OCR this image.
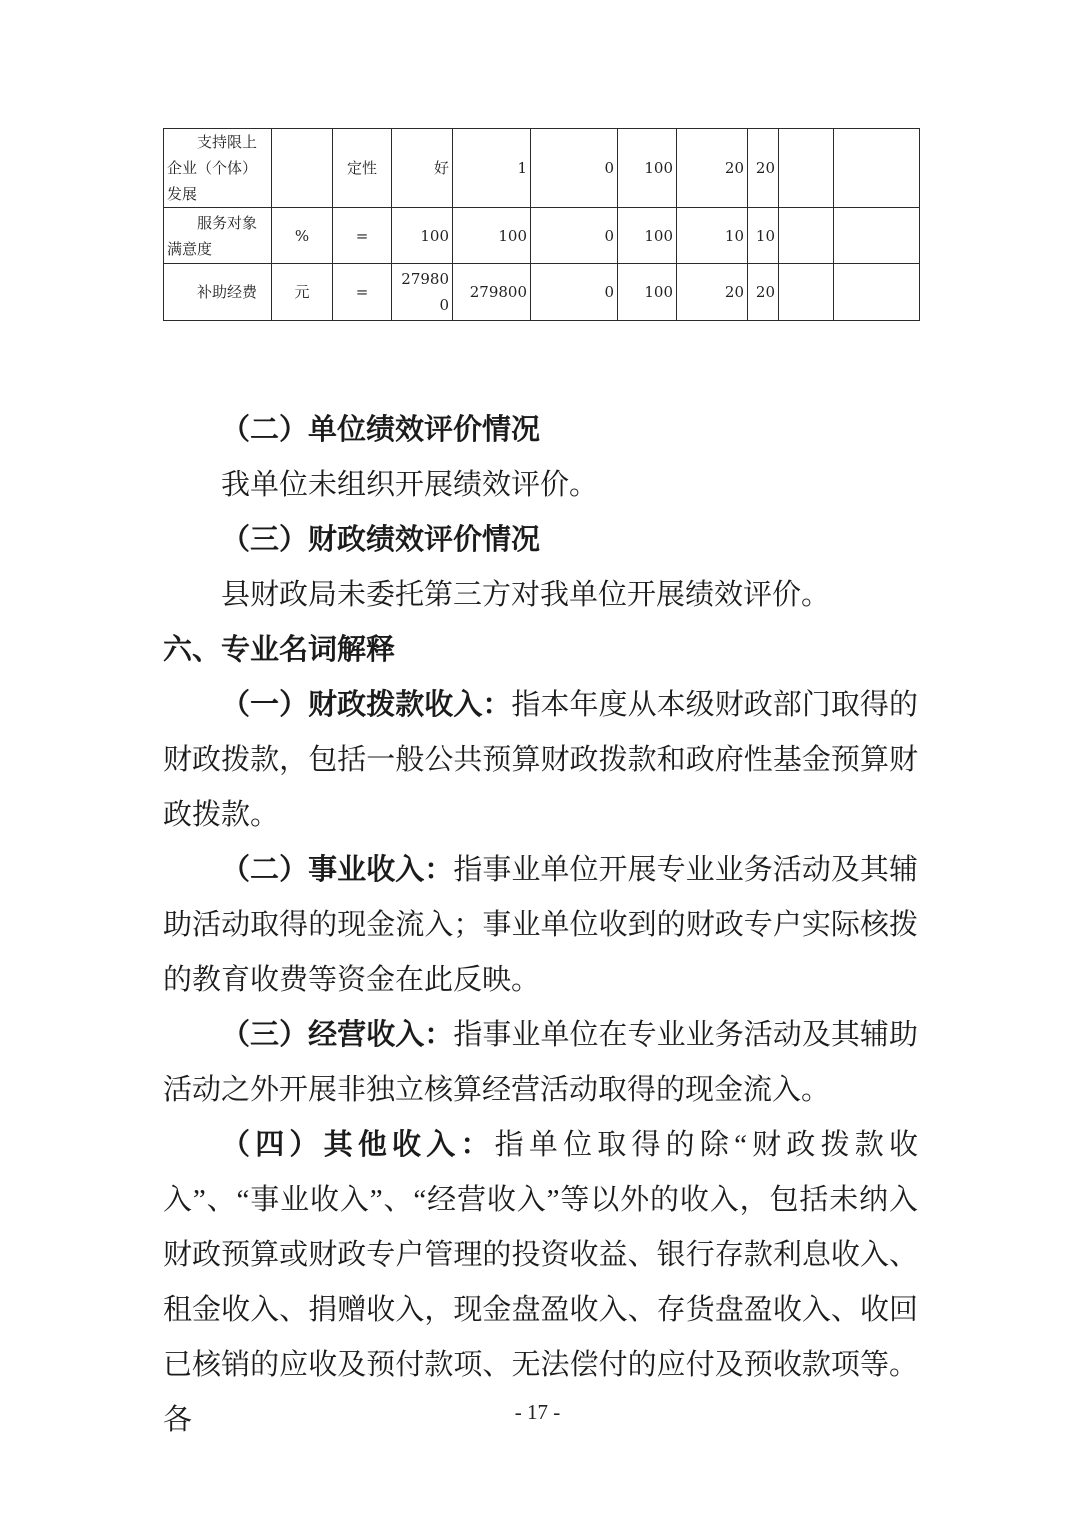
支持限上企业（个体）发展		定性	好	1	0	100	20	20		
服务对象满意度	%	=	100	100	0	100	10	10		
补助经费	元	=	279800	279800	0	100	20	20		

（二）单位绩效评价情况

我单位未组织开展绩效评价。

（三）财政绩效评价情况

县财政局未委托第三方对我单位开展绩效评价。

六、专业名词解释

（一）财政拨款收入：指本年度从本级财政部门取得的财政拨款，包括一般公共预算财政拨款和政府性基金预算财政拨款。

（二）事业收入：指事业单位开展专业业务活动及其辅助活动取得的现金流入；事业单位收到的财政专户实际核拨的教育收费等资金在此反映。

（三）经营收入：指事业单位在专业业务活动及其辅助活动之外开展非独立核算经营活动取得的现金流入。

（四）其他收入：指单位取得的除“财政拨款收入”、“事业收入”、“经营收入”等以外的收入，包括未纳入财政预算或财政专户管理的投资收益、银行存款利息收入、租金收入、捐赠收入，现金盘盈收入、存货盘盈收入、收回已核销的应收及预付款项、无法偿付的应付及预收款项等。各	- 17 -
